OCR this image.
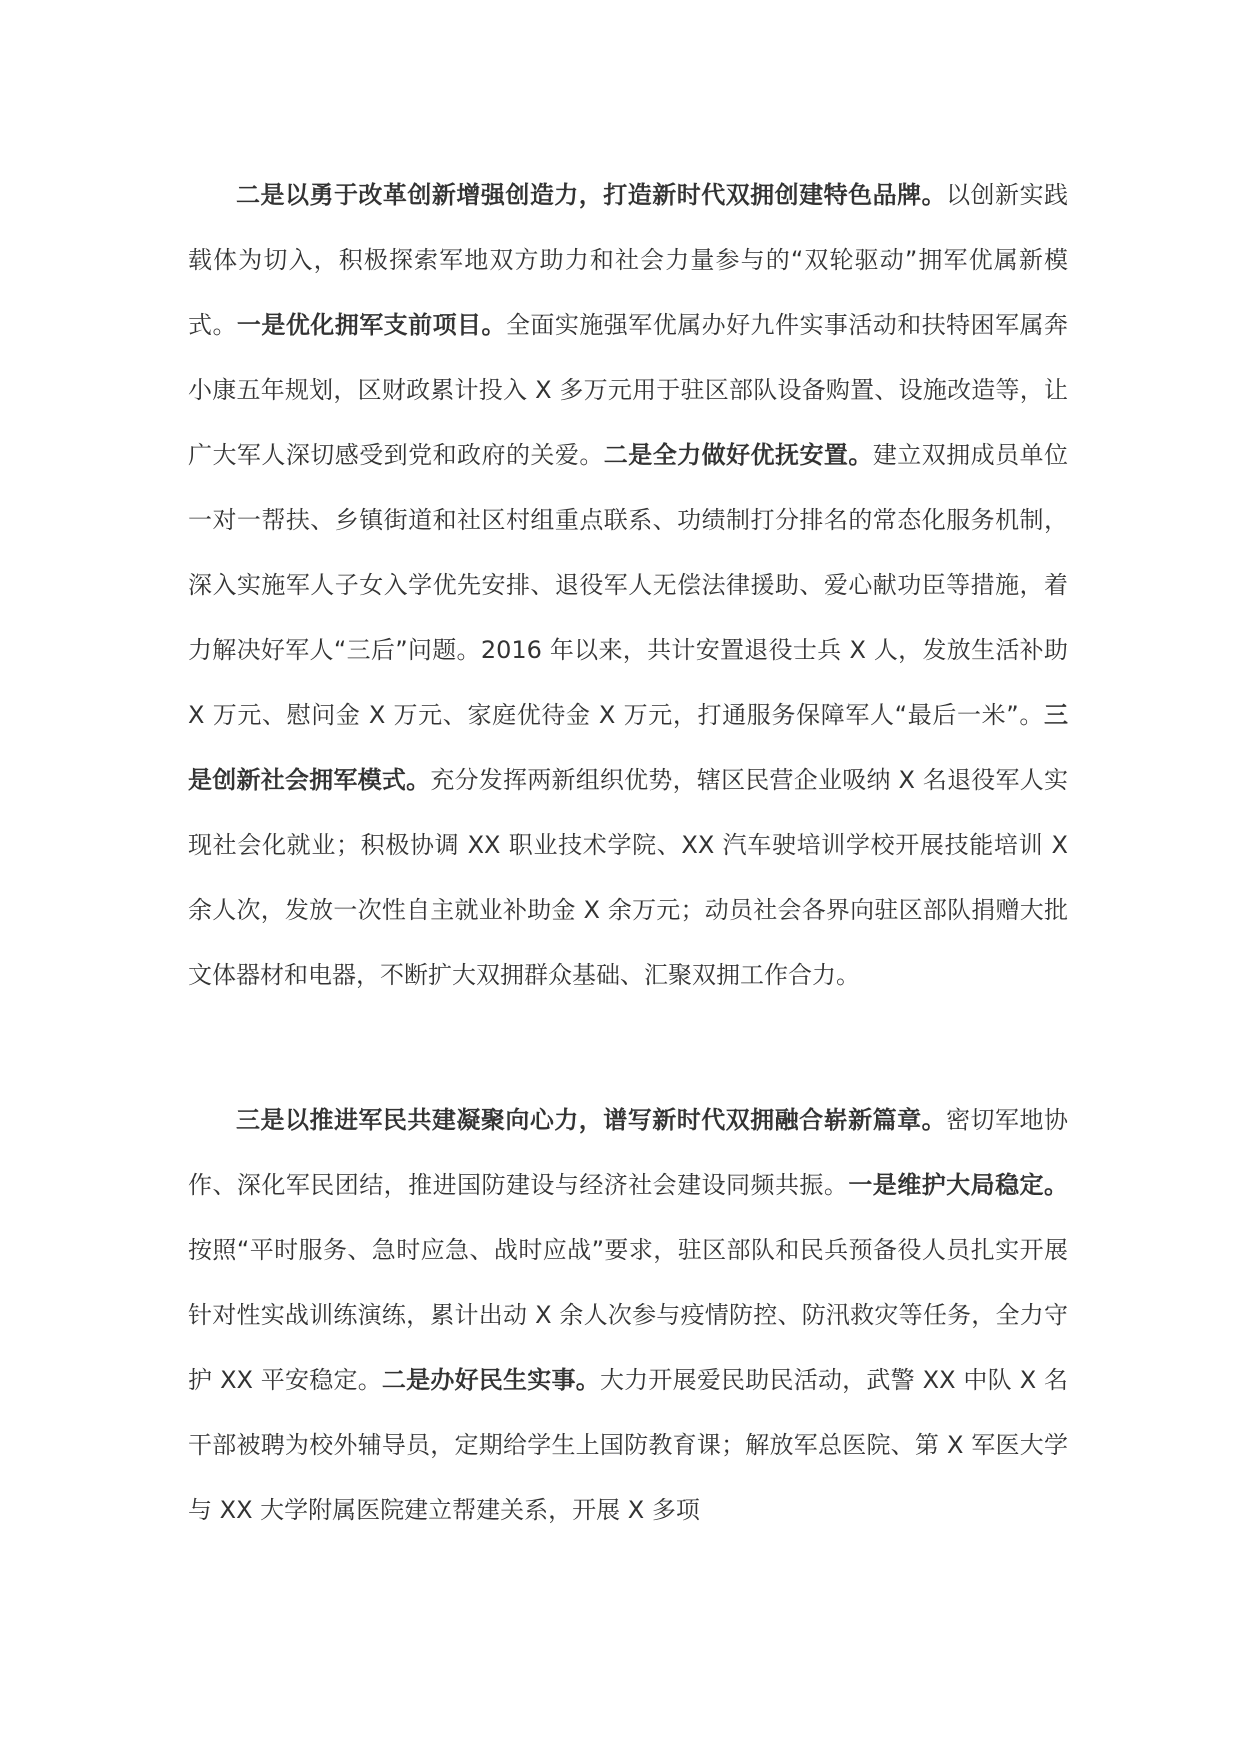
二是以勇于改革创新增强创造力，打造新时代双拥创建特色品牌。以创新实践载体为切入，积极探索军地双方助力和社会力量参与的“双轮驱动”拥军优属新模式。一是优化拥军支前项目。全面实施强军优属办好九件实事活动和扶特困军属奔小康五年规划，区财政累计投入 X 多万元用于驻区部队设备购置、设施改造等，让广大军人深切感受到党和政府的关爱。二是全力做好优抚安置。建立双拥成员单位一对一帮扶、乡镇街道和社区村组重点联系、功绩制打分排名的常态化服务机制，深入实施军人子女入学优先安排、退役军人无偿法律援助、爱心献功臣等措施，着力解决好军人“三后”问题。2016 年以来，共计安置退役士兵 X 人，发放生活补助 X 万元、慰问金 X 万元、家庭优待金 X 万元，打通服务保障军人“最后一米”。三是创新社会拥军模式。充分发挥两新组织优势，辖区民营企业吸纳 X 名退役军人实现社会化就业；积极协调 XX 职业技术学院、XX 汽车驶培训学校开展技能培训 X 余人次，发放一次性自主就业补助金 X 余万元；动员社会各界向驻区部队捐赠大批文体器材和电器，不断扩大双拥群众基础、汇聚双拥工作合力。

三是以推进军民共建凝聚向心力，谱写新时代双拥融合崭新篇章。密切军地协作、深化军民团结，推进国防建设与经济社会建设同频共振。一是维护大局稳定。按照“平时服务、急时应急、战时应战”要求，驻区部队和民兵预备役人员扎实开展针对性实战训练演练，累计出动 X 余人次参与疫情防控、防汛救灾等任务，全力守护 XX 平安稳定。二是办好民生实事。大力开展爱民助民活动，武警 XX 中队 X 名干部被聘为校外辅导员，定期给学生上国防教育课；解放军总医院、第 X 军医大学与 XX 大学附属医院建立帮建关系，开展 X 多项
